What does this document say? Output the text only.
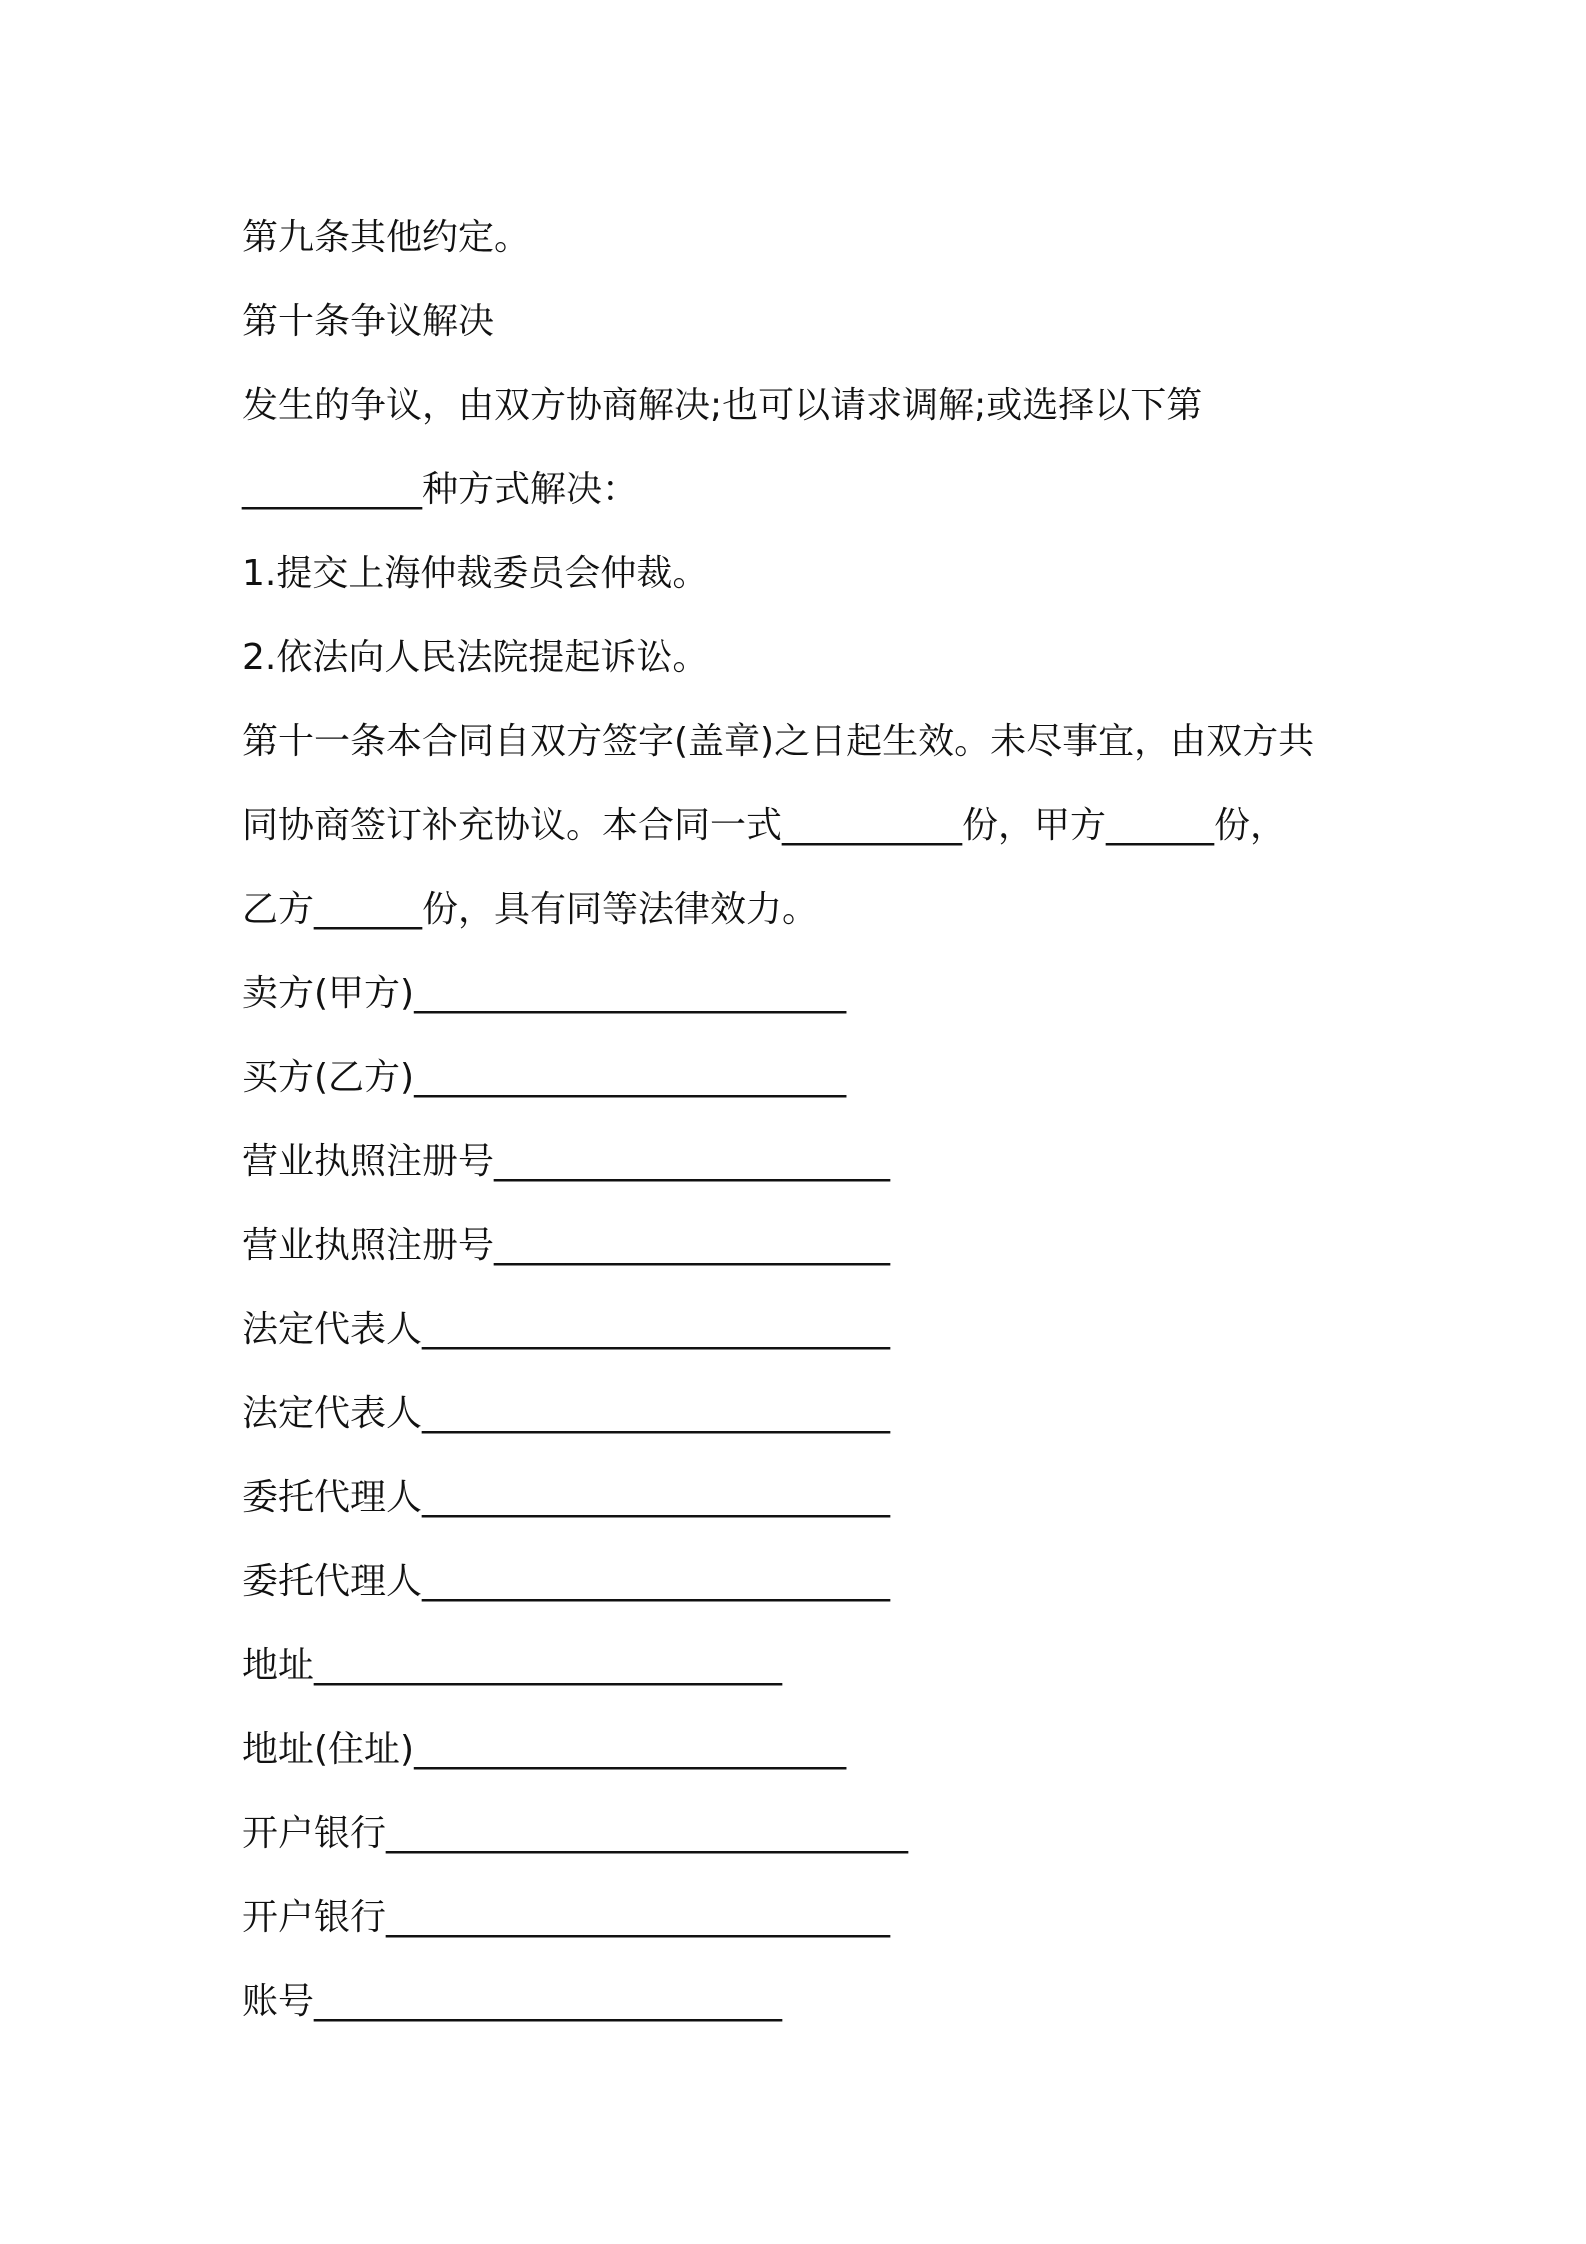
第九条其他约定。
第十条争议解决
发生的争议，由双方协商解决;也可以请求调解;或选择以下第
__________种方式解决：
1.提交上海仲裁委员会仲裁。
2.依法向人民法院提起诉讼。
第十一条本合同自双方签字(盖章)之日起生效。未尽事宜，由双方共
同协商签订补充协议。本合同一式__________份，甲方______份，
乙方______份，具有同等法律效力。
卖方(甲方)________________________
买方(乙方)________________________
营业执照注册号______________________
营业执照注册号______________________
法定代表人__________________________
法定代表人__________________________
委托代理人__________________________
委托代理人__________________________
地址__________________________
地址(住址)________________________
开户银行_____________________________
开户银行____________________________
账号__________________________
